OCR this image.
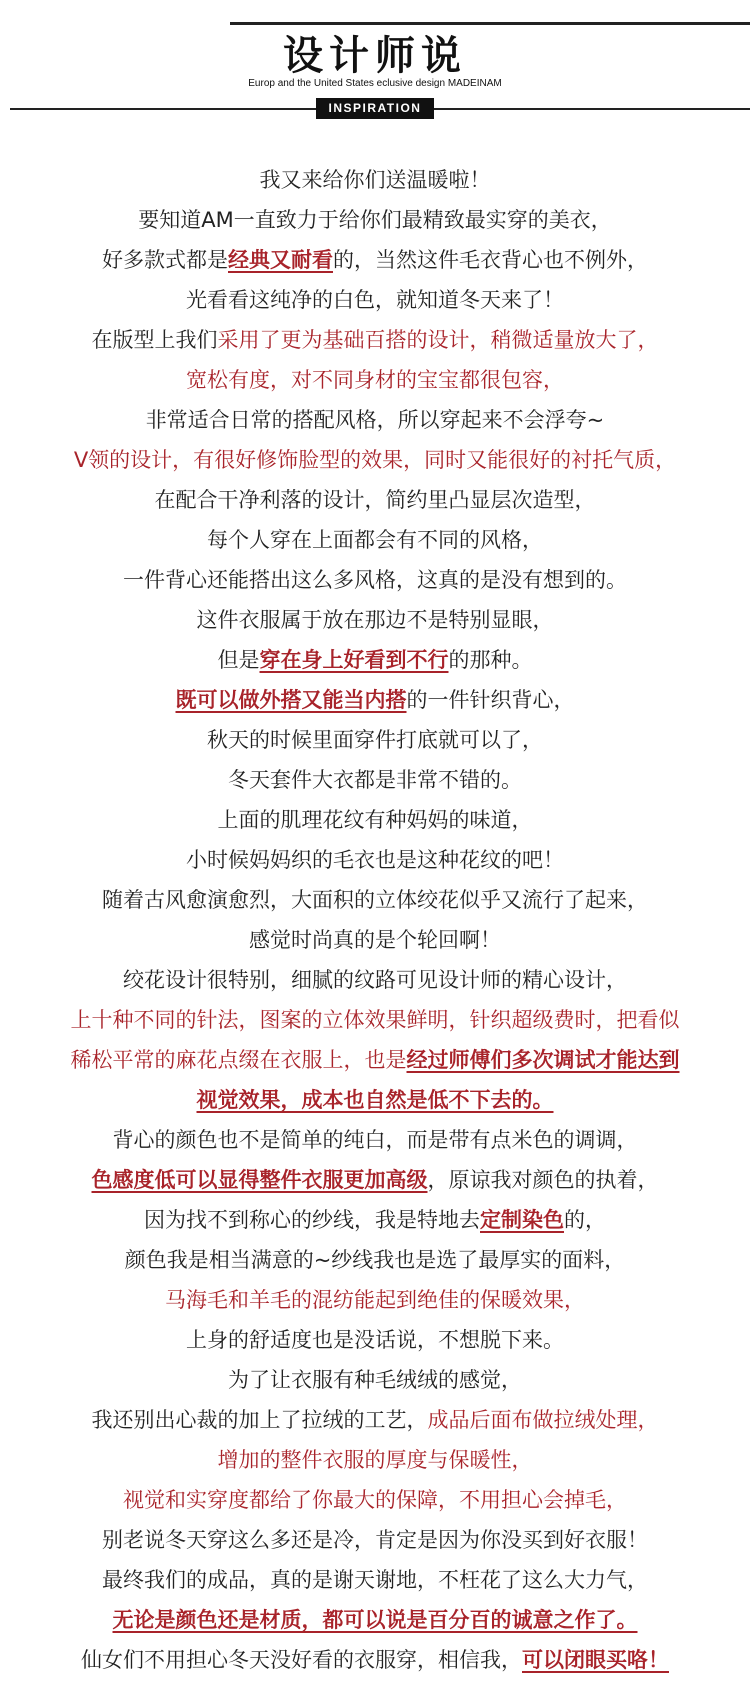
设计师说
Europ and the United States eclusive design MADEINAM
INSPIRATION
我又来给你们送温暖啦！
要知道AM一直致力于给你们最精致最实穿的美衣，
好多款式都是经典又耐看的，当然这件毛衣背心也不例外，
光看看这纯净的白色，就知道冬天来了！
在版型上我们采用了更为基础百搭的设计，稍微适量放大了，
宽松有度，对不同身材的宝宝都很包容，
非常适合日常的搭配风格，所以穿起来不会浮夸~
V领的设计，有很好修饰脸型的效果，同时又能很好的衬托气质，
在配合干净利落的设计，简约里凸显层次造型，
每个人穿在上面都会有不同的风格，
一件背心还能搭出这么多风格，这真的是没有想到的。
这件衣服属于放在那边不是特别显眼，
但是穿在身上好看到不行的那种。
既可以做外搭又能当内搭的一件针织背心，
秋天的时候里面穿件打底就可以了，
冬天套件大衣都是非常不错的。
上面的肌理花纹有种妈妈的味道，
小时候妈妈织的毛衣也是这种花纹的吧！
随着古风愈演愈烈，大面积的立体绞花似乎又流行了起来，
感觉时尚真的是个轮回啊！
绞花设计很特别，细腻的纹路可见设计师的精心设计，
上十种不同的针法，图案的立体效果鲜明，针织超级费时，把看似
稀松平常的麻花点缀在衣服上，也是经过师傅们多次调试才能达到
视觉效果，成本也自然是低不下去的。
背心的颜色也不是简单的纯白，而是带有点米色的调调，
色感度低可以显得整件衣服更加高级，原谅我对颜色的执着，
因为找不到称心的纱线，我是特地去定制染色的，
颜色我是相当满意的~纱线我也是选了最厚实的面料，
马海毛和羊毛的混纺能起到绝佳的保暖效果，
上身的舒适度也是没话说，不想脱下来。
为了让衣服有种毛绒绒的感觉，
我还别出心裁的加上了拉绒的工艺，成品后面布做拉绒处理，
增加的整件衣服的厚度与保暖性，
视觉和实穿度都给了你最大的保障，不用担心会掉毛，
别老说冬天穿这么多还是冷，肯定是因为你没买到好衣服！
最终我们的成品，真的是谢天谢地，不枉花了这么大力气，
无论是颜色还是材质，都可以说是百分百的诚意之作了。
仙女们不用担心冬天没好看的衣服穿，相信我，可以闭眼买咯！
